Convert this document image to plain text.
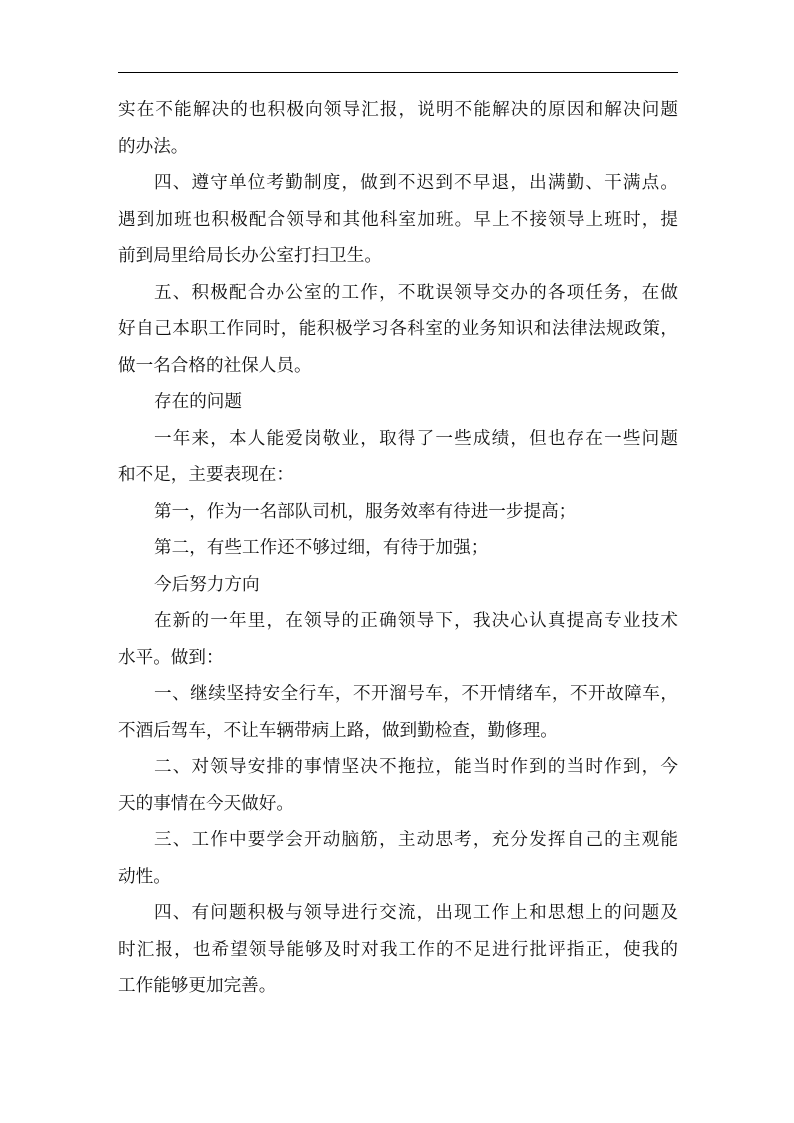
实在不能解决的也积极向领导汇报，说明不能解决的原因和解决问题
的办法。
四、遵守单位考勤制度，做到不迟到不早退，出满勤、干满点。
遇到加班也积极配合领导和其他科室加班。早上不接领导上班时，提
前到局里给局长办公室打扫卫生。
五、积极配合办公室的工作，不耽误领导交办的各项任务，在做
好自己本职工作同时，能积极学习各科室的业务知识和法律法规政策，
做一名合格的社保人员。
存在的问题
一年来，本人能爱岗敬业，取得了一些成绩，但也存在一些问题
和不足，主要表现在：
第一，作为一名部队司机，服务效率有待进一步提高；
第二，有些工作还不够过细，有待于加强；
今后努力方向
在新的一年里，在领导的正确领导下，我决心认真提高专业技术
水平。做到：
一、继续坚持安全行车，不开溜号车，不开情绪车，不开故障车，
不酒后驾车，不让车辆带病上路，做到勤检查，勤修理。
二、对领导安排的事情坚决不拖拉，能当时作到的当时作到，今
天的事情在今天做好。
三、工作中要学会开动脑筋，主动思考，充分发挥自己的主观能
动性。
四、有问题积极与领导进行交流，出现工作上和思想上的问题及
时汇报，也希望领导能够及时对我工作的不足进行批评指正，使我的
工作能够更加完善。
